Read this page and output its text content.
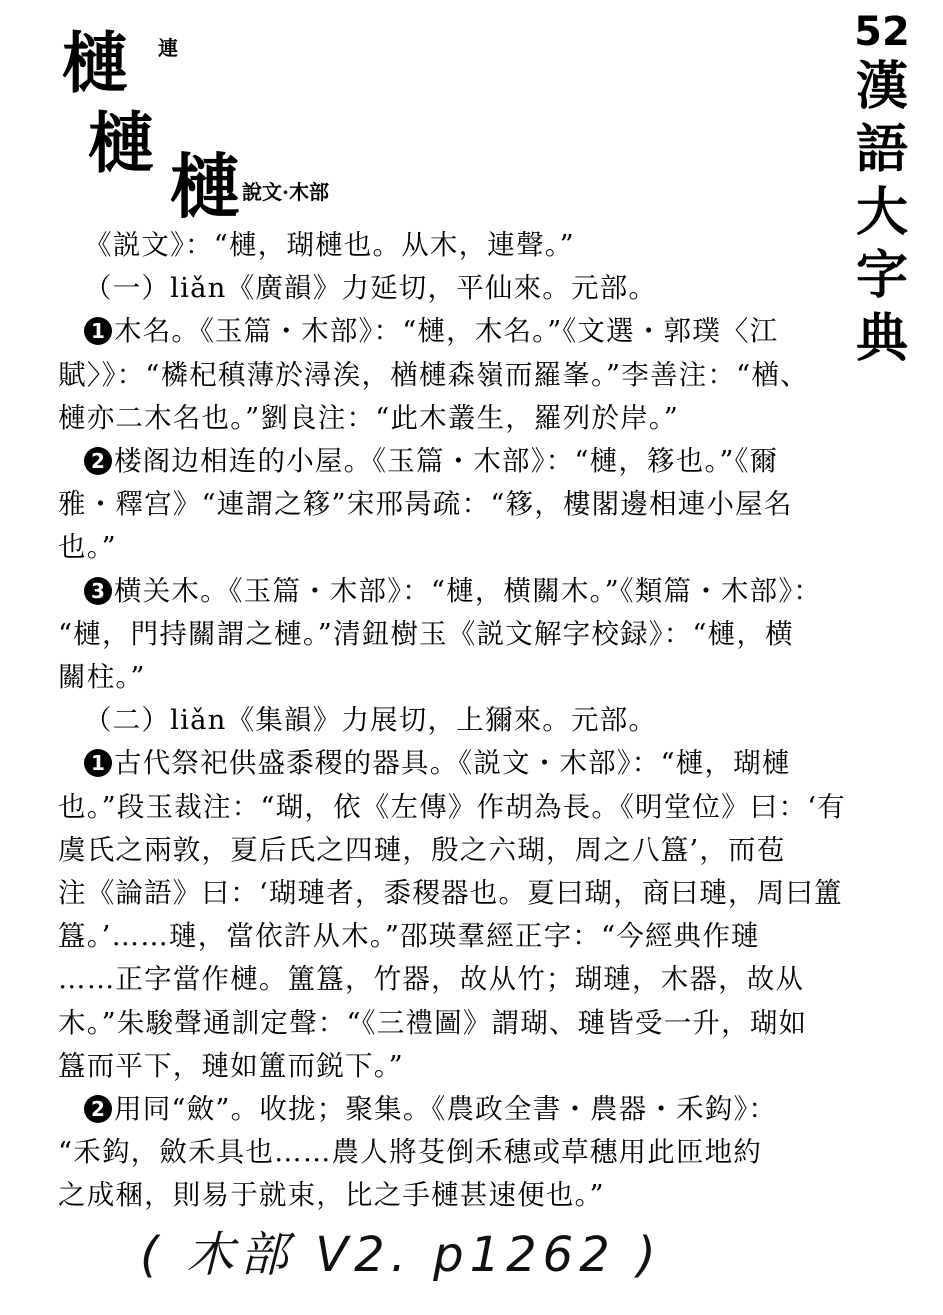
52
漢
語
大
字
典
槤 連
槤
槤 說文·木部

《説文》：“槤，瑚槤也。从木，連聲。”

（一）liǎn《廣韻》力延切，平仙來。元部。

1 木名。《玉篇・木部》：“槤，木名。”《文選・郭璞〈江

賦〉》：“橉杞稹薄於潯涘，楢槤森嶺而羅峯。”李善注：“楢、

槤亦二木名也。”劉良注：“此木叢生，羅列於岸。”

2 楼阁边相连的小屋。《玉篇・木部》：“槤，簃也。”《爾

雅・釋宫》“連謂之簃”宋邢昺疏：“簃，樓閣邊相連小屋名

也。”

3 横关木。《玉篇・木部》：“槤，横關木。”《類篇・木部》：

“槤，門持關謂之槤。”清鈕樹玉《説文解字校録》：“槤，横

關柱。”

（二）liǎn《集韻》力展切，上獮來。元部。

1 古代祭祀供盛黍稷的器具。《説文・木部》：“槤，瑚槤

也。”段玉裁注：“瑚，依《左傳》作胡為長。《明堂位》曰：‘有

虞氏之兩敦，夏后氏之四璉，殷之六瑚，周之八簋’，而苞

注《論語》曰：‘瑚璉者，黍稷器也。夏曰瑚，商曰璉，周曰簠

簋。’……璉，當依許从木。”邵瑛羣經正字：“今經典作璉

……正字當作槤。簠簋，竹器，故从竹；瑚璉，木器，故从

木。”朱駿聲通訓定聲：“《三禮圖》謂瑚、璉皆受一升，瑚如

簋而平下，璉如簠而鋭下。”

2 用同“斂”。收拢；聚集。《農政全書・農器・禾鈎》：

“禾鈎，斂禾具也……農人將芟倒禾穗或草穗用此匝地約

之成稛，則易于就束，比之手槤甚速便也。”

( 木部 V2. p1262 )
